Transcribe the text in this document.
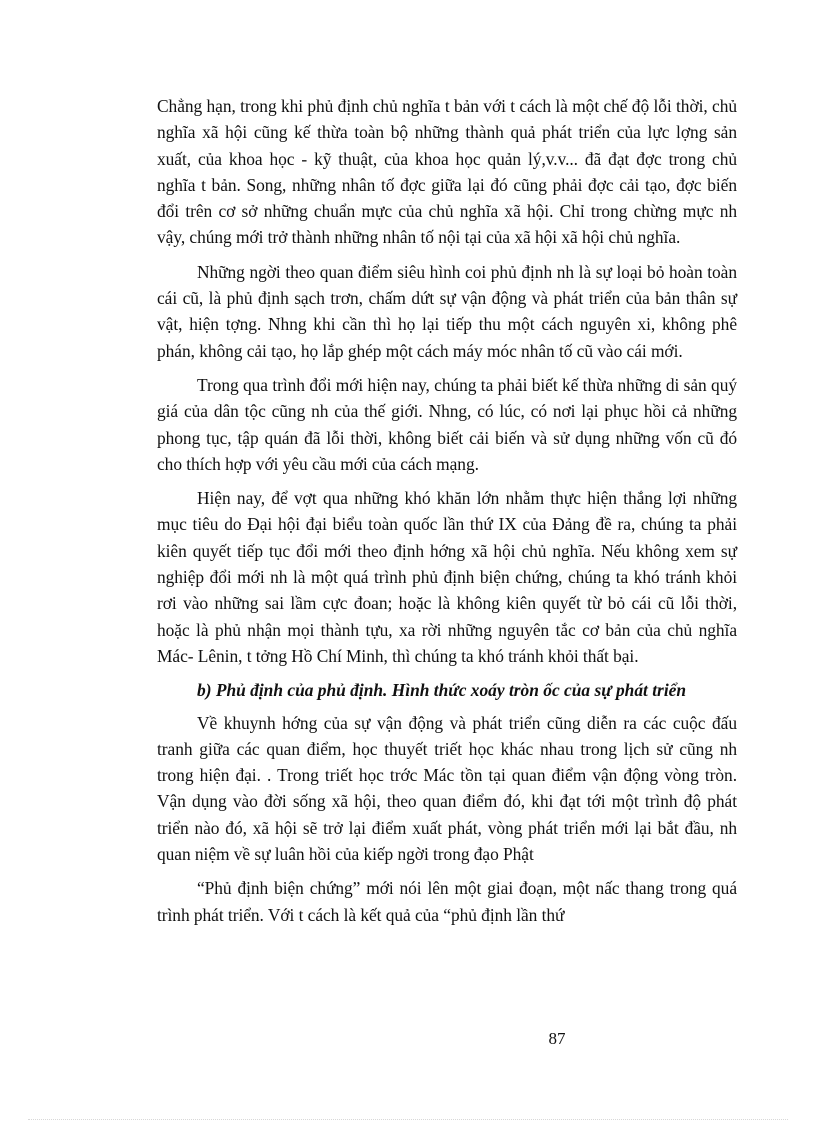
Chẳng hạn, trong khi phủ định chủ nghĩa t bản với t cách là một chế độ lỗi thời, chủ nghĩa xã hội cũng kế thừa toàn bộ những thành quả phát triển của lực lợng sản xuất, của khoa học - kỹ thuật, của khoa học quản lý,v.v... đã đạt đợc trong chủ nghĩa t bản. Song, những nhân tố đợc giữa lại đó cũng phải đợc cải tạo, đợc biến đổi trên cơ sở những chuẩn mực của chủ nghĩa xã hội. Chỉ trong chừng mực nh vậy, chúng mới trở thành những nhân tố nội tại của xã hội xã hội chủ nghĩa.

Những ngời theo quan điểm siêu hình coi phủ định nh là sự loại bỏ hoàn toàn cái cũ, là phủ định sạch trơn, chấm dứt sự vận động và phát triển của bản thân sự vật, hiện tợng. Nhng khi cần thì họ lại tiếp thu một cách nguyên xi, không phê phán, không cải tạo, họ lắp ghép một cách máy móc nhân tố cũ vào cái mới.

Trong qua trình đổi mới hiện nay, chúng ta phải biết kế thừa những di sản quý giá của dân tộc cũng nh của thế giới. Nhng, có lúc, có nơi lại phục hồi cả những phong tục, tập quán đã lỗi thời, không biết cải biến và sử dụng những vốn cũ đó cho thích hợp với yêu cầu mới của cách mạng.

Hiện nay, để vợt qua những khó khăn lớn nhằm thực hiện thắng lợi những mục tiêu do Đại hội đại biểu toàn quốc lần thứ IX của Đảng đề ra, chúng ta phải kiên quyết tiếp tục đổi mới theo định hớng xã hội chủ nghĩa. Nếu không xem sự nghiệp đổi mới nh là một quá trình phủ định biện chứng, chúng ta khó tránh khỏi rơi vào những sai lầm cực đoan; hoặc là không kiên quyết từ bỏ cái cũ lỗi thời, hoặc là phủ nhận mọi thành tựu, xa rời những nguyên tắc cơ bản của chủ nghĩa Mác- Lênin, t tởng Hồ Chí Minh, thì chúng ta khó tránh khỏi thất bại.

b) Phủ định của phủ định. Hình thức xoáy tròn ốc của sự phát triển

Về khuynh hớng của sự vận động và phát triển cũng diễn ra các cuộc đấu tranh giữa các quan điểm, học thuyết triết học khác nhau trong lịch sử cũng nh trong hiện đại. . Trong triết học trớc Mác tồn tại quan điểm vận động vòng tròn. Vận dụng vào đời sống xã hội, theo quan điểm đó, khi đạt tới một trình độ phát triển nào đó, xã hội sẽ trở lại điểm xuất phát, vòng phát triển mới lại bắt đầu, nh quan niệm về sự luân hồi của kiếp ngời trong đạo Phật

“Phủ định biện chứng” mới nói lên một giai đoạn, một nấc thang trong quá trình phát triển. Với t cách là kết quả của “phủ định lần thứ

87
